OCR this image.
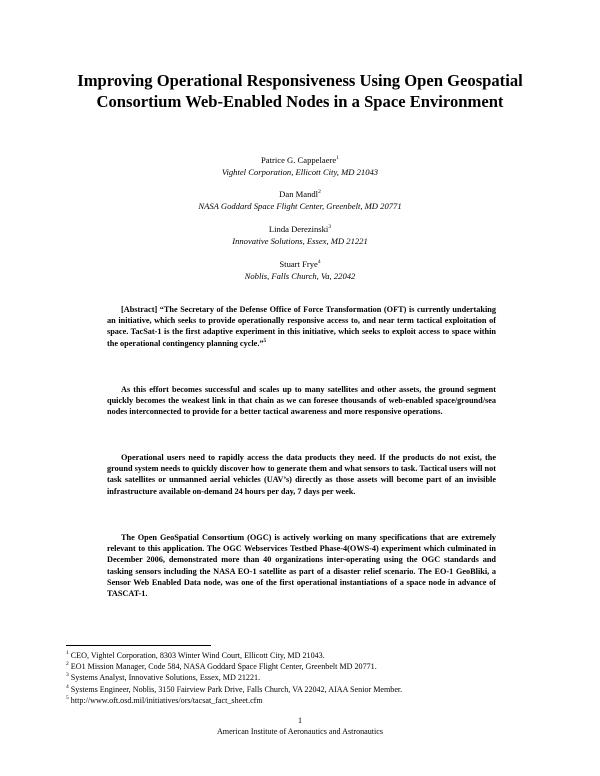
Improving Operational Responsiveness Using Open Geospatial Consortium Web-Enabled Nodes in a Space Environment
Patrice G. Cappelaere$^1$
Vightel Corporation, Ellicott City, MD 21043
Dan Mandl$^2$
NASA Goddard Space Flight Center, Greenbelt, MD 20771
Linda Derezinski$^3$
Innovative Solutions, Essex, MD 21221
Stuart Frye$^4$
Noblis, Falls Church, Va, 22042
[Abstract] “The Secretary of the Defense Office of Force Transformation (OFT) is currently undertaking an initiative, which seeks to provide operationally responsive access to, and near term tactical exploitation of space. TacSat-1 is the first adaptive experiment in this initiative, which seeks to exploit access to space within the operational contingency planning cycle.”$^5$
As this effort becomes successful and scales up to many satellites and other assets, the ground segment quickly becomes the weakest link in that chain as we can foresee thousands of web-enabled space/ground/sea nodes interconnected to provide for a better tactical awareness and more responsive operations.
Operational users need to rapidly access the data products they need. If the products do not exist, the ground system needs to quickly discover how to generate them and what sensors to task. Tactical users will not task satellites or unmanned aerial vehicles (UAV’s) directly as those assets will become part of an invisible infrastructure available on-demand 24 hours per day, 7 days per week.
The Open GeoSpatial Consortium (OGC) is actively working on many specifications that are extremely relevant to this application. The OGC Webservices Testbed Phase-4(OWS-4) experiment which culminated in December 2006, demonstrated more than 40 organizations inter-operating using the OGC standards and tasking sensors including the NASA EO-1 satellite as part of a disaster relief scenario. The EO-1 GeoBliki, a Sensor Web Enabled Data node, was one of the first operational instantiations of a space node in advance of TASCAT-1.
$^1$ CEO, Vightel Corporation, 8303 Winter Wind Court, Ellicott City, MD 21043.
$^2$ EO1 Mission Manager, Code 584, NASA Goddard Space Flight Center, Greenbelt MD 20771.
$^3$ Systems Analyst, Innovative Solutions, Essex, MD 21221.
$^4$ Systems Engineer, Noblis, 3150 Fairview Park Drive, Falls Church, VA 22042, AIAA Senior Member.
$^5$ http://www.oft.osd.mil/initiatives/ors/tacsat_fact_sheet.cfm
1
American Institute of Aeronautics and Astronautics
